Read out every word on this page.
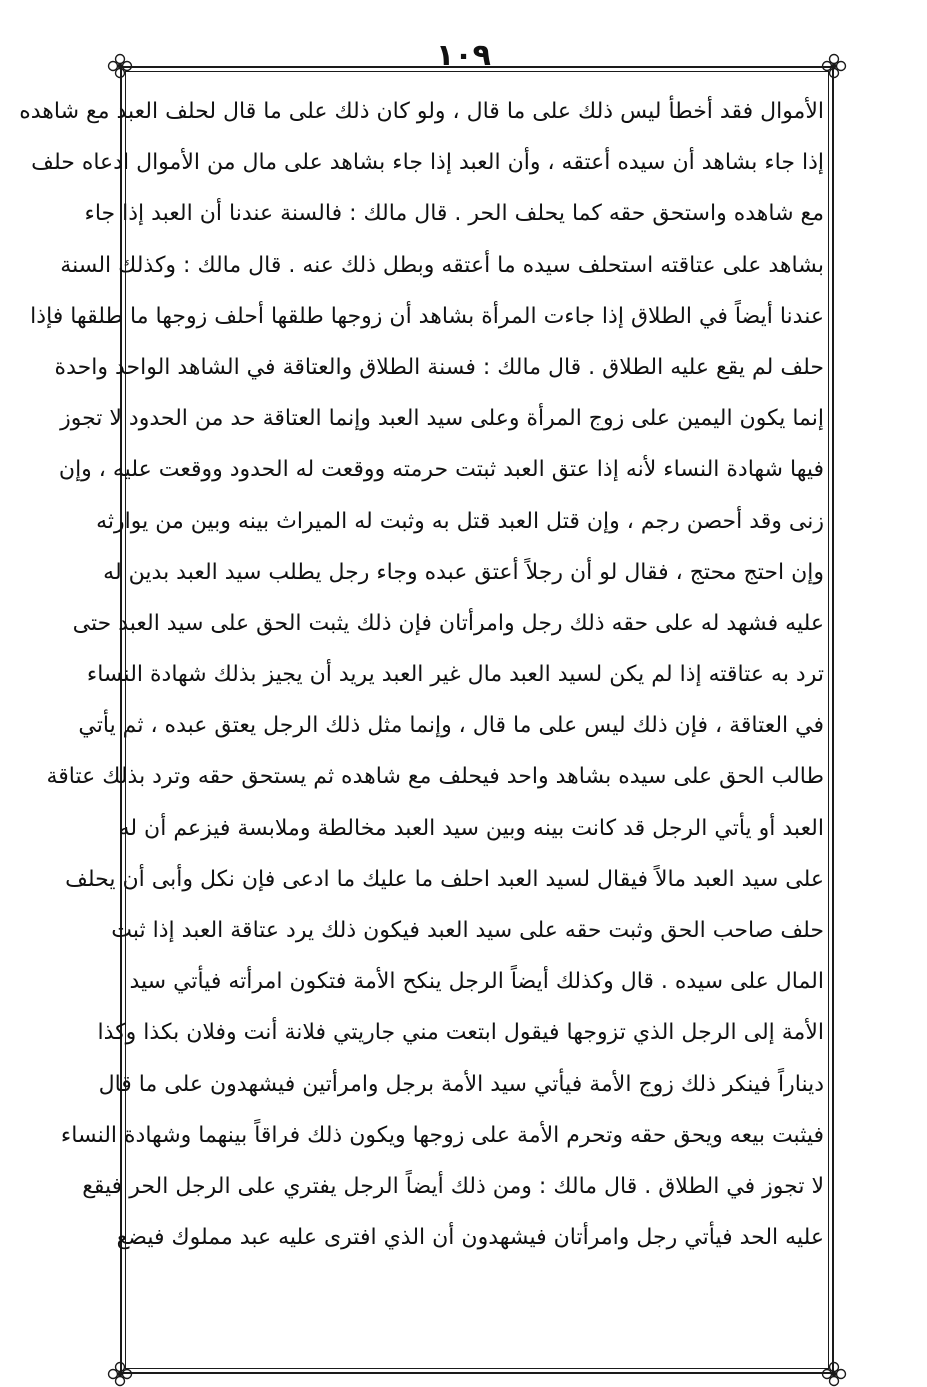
١٠٩
الأموال فقد أخطأ ليس ذلك على ما قال ، ولو كان ذلك على ما قال لحلف العبد مع شاهده
إذا جاء بشاهد أن سيده أعتقه ، وأن العبد إذا جاء بشاهد على مال من الأموال ادعاه حلف
مع شاهده واستحق حقه كما يحلف الحر . قال مالك : فالسنة عندنا أن العبد إذا جاء
بشاهد على عتاقته استحلف سيده ما أعتقه وبطل ذلك عنه . قال مالك : وكذلك السنة
عندنا أيضاً في الطلاق إذا جاءت المرأة بشاهد أن زوجها طلقها أحلف زوجها ما طلقها فإذا
حلف لم يقع عليه الطلاق . قال مالك : فسنة الطلاق والعتاقة في الشاهد الواحد واحدة
إنما يكون اليمين على زوج المرأة وعلى سيد العبد وإنما العتاقة حد من الحدود لا تجوز
فيها شهادة النساء لأنه إذا عتق العبد ثبتت حرمته ووقعت له الحدود ووقعت عليه ، وإن
زنى وقد أحصن رجم ، وإن قتل العبد قتل به وثبت له الميراث بينه وبين من يوارثه
وإن احتج محتج ، فقال لو أن رجلاً أعتق عبده وجاء رجل يطلب سيد العبد بدين له
عليه فشهد له على حقه ذلك رجل وامرأتان فإن ذلك يثبت الحق على سيد العبد حتى
ترد به عتاقته إذا لم يكن لسيد العبد مال غير العبد يريد أن يجيز بذلك شهادة النساء
في العتاقة ، فإن ذلك ليس على ما قال ، وإنما مثل ذلك الرجل يعتق عبده ، ثم يأتي
طالب الحق على سيده بشاهد واحد فيحلف مع شاهده ثم يستحق حقه وترد بذلك عتاقة
العبد أو يأتي الرجل قد كانت بينه وبين سيد العبد مخالطة وملابسة فيزعم أن له
على سيد العبد مالاً فيقال لسيد العبد احلف ما عليك ما ادعى فإن نكل وأبى أن يحلف
حلف صاحب الحق وثبت حقه على سيد العبد فيكون ذلك يرد عتاقة العبد إذا ثبت
المال على سيده . قال وكذلك أيضاً الرجل ينكح الأمة فتكون امرأته فيأتي سيد
الأمة إلى الرجل الذي تزوجها فيقول ابتعت مني جاريتي فلانة أنت وفلان بكذا وكذا
ديناراً فينكر ذلك زوج الأمة فيأتي سيد الأمة برجل وامرأتين فيشهدون على ما قال
فيثبت بيعه ويحق حقه وتحرم الأمة على زوجها ويكون ذلك فراقاً بينهما وشهادة النساء
لا تجوز في الطلاق . قال مالك : ومن ذلك أيضاً الرجل يفتري على الرجل الحر فيقع
عليه الحد فيأتي رجل وامرأتان فيشهدون أن الذي افترى عليه عبد مملوك فيضع
